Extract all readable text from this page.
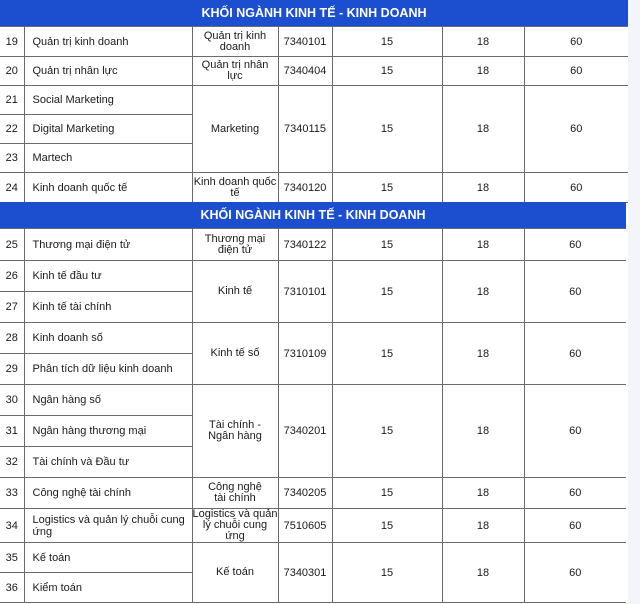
KHỐI NGÀNH KINH TẾ - KINH DOANH
19	Quản trị kinh doanh	Quản trị kinh doanh	7340101	15	18	60
20	Quản trị nhân lực	Quản trị nhân lực	7340404	15	18	60
21	Social Marketing	Marketing	7340115	15	18	60
22	Digital Marketing					
23	Martech					
24	Kinh doanh quốc tế	Kinh doanh quốc tế	7340120	15	18	60
KHỐI NGÀNH KINH TẾ - KINH DOANH
25	Thương mại điện tử	Thương mại điện tử	7340122	15	18	60
26	Kinh tế đầu tư	Kinh tế	7310101	15	18	60
27	Kinh tế tài chính					
28	Kinh doanh số	Kinh tế số	7310109	15	18	60
29	Phân tích dữ liệu kinh doanh					
30	Ngân hàng số	Tài chính - Ngân hàng	7340201	15	18	60
31	Ngân hàng thương mại					
32	Tài chính và Đầu tư					
33	Công nghệ tài chính	Công nghệ tài chính	7340205	15	18	60
34	Logistics và quản lý chuỗi cung ứng	Logistics và quản lý chuỗi cung ứng	7510605	15	18	60
35	Kế toán	Kế toán	7340301	15	18	60
36	Kiểm toán					
